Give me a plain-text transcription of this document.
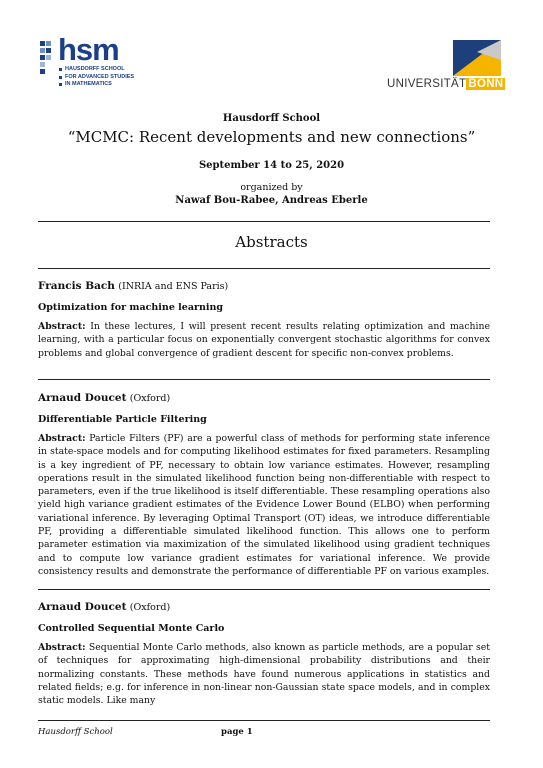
hsm
HAUSDORFF SCHOOL
FOR ADVANCED STUDIES
IN MATHEMATICS	UNIVERSITÄT BONN
Hausdorff School
“MCMC: Recent developments and new connections”
September 14 to 25, 2020
organized by
Nawaf Bou-Rabee, Andreas Eberle
Abstracts
Francis Bach (INRIA and ENS Paris)
Optimization for machine learning
Abstract: In these lectures, I will present recent results relating optimization and machine learning, with a particular focus on exponentially convergent stochastic algorithms for convex problems and global convergence of gradient descent for specific non-convex problems.
Arnaud Doucet (Oxford)
Differentiable Particle Filtering
Abstract: Particle Filters (PF) are a powerful class of methods for performing state inference in state-space models and for computing likelihood estimates for fixed parameters. Resampling is a key ingredient of PF, necessary to obtain low variance estimates. However, resampling operations result in the simulated likelihood function being non-differentiable with respect to parameters, even if the true likelihood is itself differentiable. These resampling operations also yield high variance gradient estimates of the Evidence Lower Bound (ELBO) when performing variational inference. By leveraging Optimal Transport (OT) ideas, we introduce differentiable PF, providing a differentiable simulated likelihood function. This allows one to perform parameter estimation via maximization of the simulated likelihood using gradient techniques and to compute low variance gradient estimates for variational inference. We provide consistency results and demonstrate the performance of differentiable PF on various examples.
Arnaud Doucet (Oxford)
Controlled Sequential Monte Carlo
Abstract: Sequential Monte Carlo methods, also known as particle methods, are a popular set of techniques for approximating high-dimensional probability distributions and their normalizing constants. These methods have found numerous applications in statistics and related fields; e.g. for inference in non-linear non-Gaussian state space models, and in complex static models. Like many
Hausdorff School	page 1
